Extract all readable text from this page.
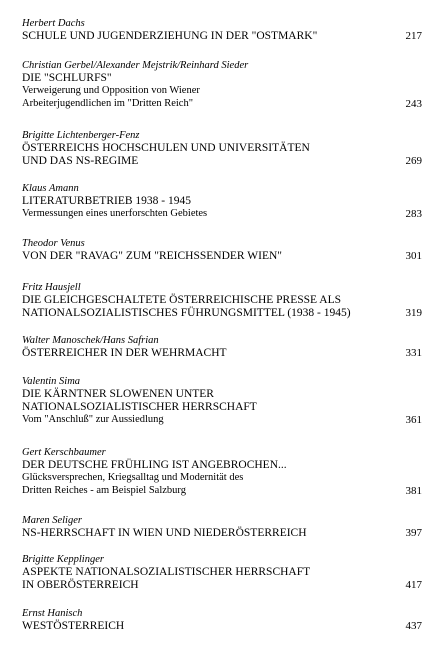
Herbert Dachs
SCHULE UND JUGENDERZIEHUNG IN DER "OSTMARK"	217
Christian Gerbel/Alexander Mejstrik/Reinhard Sieder
DIE "SCHLURFS"
Verweigerung und Opposition von Wiener
Arbeiterjugendlichen im "Dritten Reich"	243
Brigitte Lichtenberger-Fenz
ÖSTERREICHS HOCHSCHULEN UND UNIVERSITÄTEN
UND DAS NS-REGIME	269
Klaus Amann
LITERATURBETRIEB 1938 - 1945
Vermessungen eines unerforschten Gebietes	283
Theodor Venus
VON DER "RAVAG" ZUM "REICHSSENDER WIEN"	301
Fritz Hausjell
DIE GLEICHGESCHALTETE ÖSTERREICHISCHE PRESSE ALS
NATIONALSOZIALISTISCHES FÜHRUNGSMITTEL (1938 - 1945)	319
Walter Manoschek/Hans Safrian
ÖSTERREICHER IN DER WEHRMACHT	331
Valentin Sima
DIE KÄRNTNER SLOWENEN UNTER
NATIONALSOZIALISTISCHER HERRSCHAFT
Vom "Anschluß" zur Aussiedlung	361
Gert Kerschbaumer
DER DEUTSCHE FRÜHLING IST ANGEBROCHEN...
Glücksversprechen, Kriegsalltag und Modernität des
Dritten Reiches - am Beispiel Salzburg	381
Maren Seliger
NS-HERRSCHAFT IN WIEN UND NIEDERÖSTERREICH	397
Brigitte Kepplinger
ASPEKTE NATIONALSOZIALISTISCHER HERRSCHAFT
IN OBERÖSTERREICH	417
Ernst Hanisch
WESTÖSTERREICH	437
